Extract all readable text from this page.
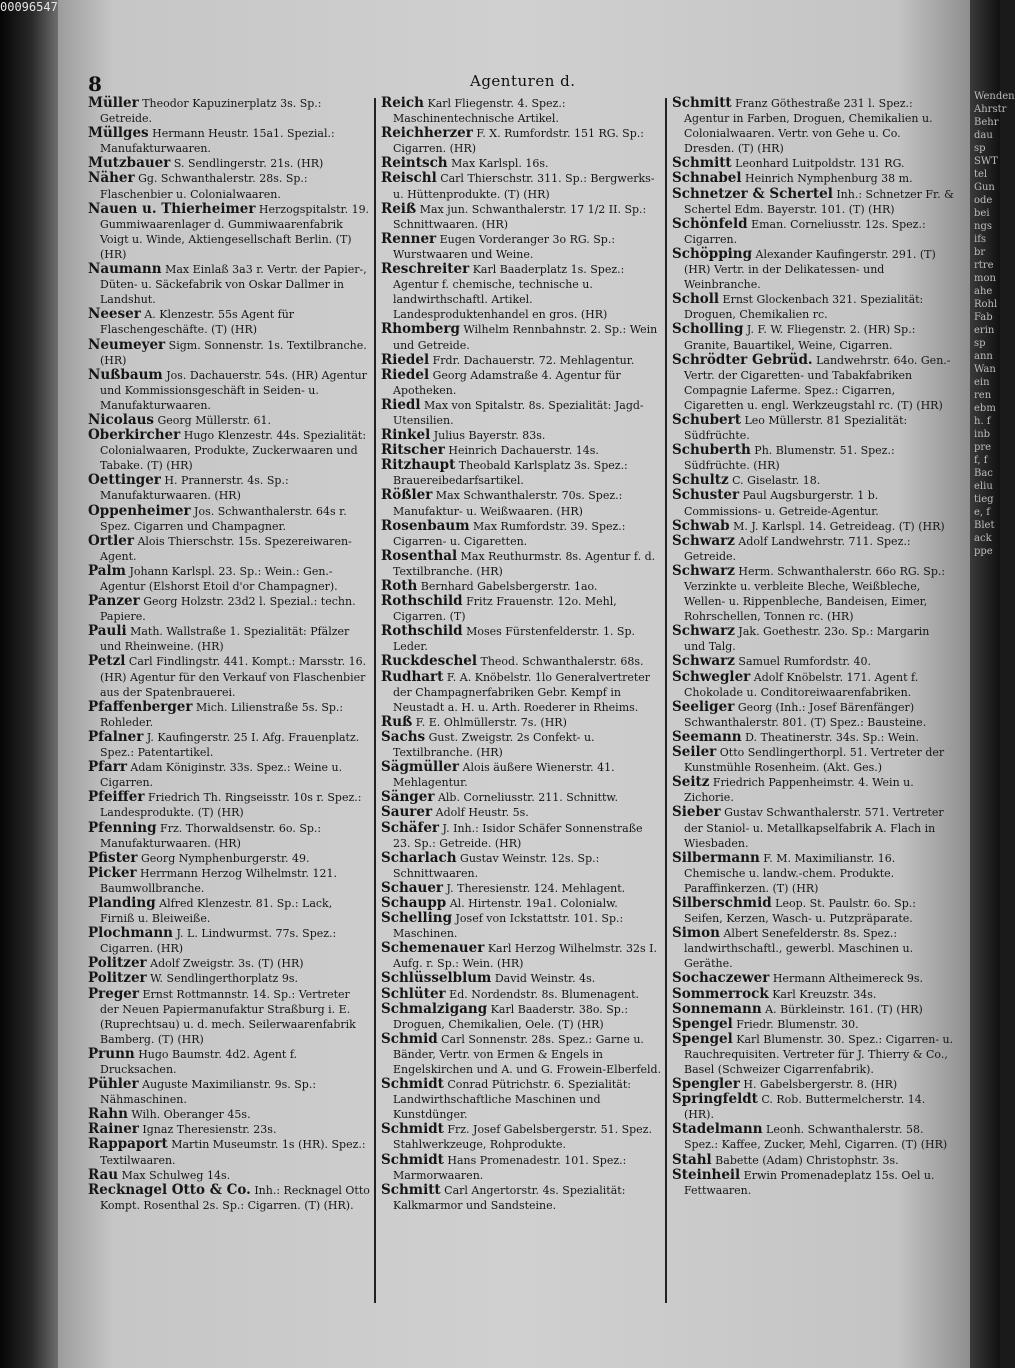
Wenden
Ahrstr
Behr
dau
sp
SWT
tel
Gun
ode
bei
ngs
ifs
br
rtre
mon
ahe
Rohl
Fab
erin
sp
ann
Wan
ein
ren
ebm
h. f
inb
pre
f, f
Bac
eliu
tieg
e, f
Blet
ack
ppe
00096547
8	Agenturen d.
Müller Theodor Kapuzinerplatz 3s. Sp.: Getreide.
Müllges Hermann Heustr. 15a1. Spezial.: Manufakturwaaren.
Mutzbauer S. Sendlingerstr. 21s. (HR)
Näher Gg. Schwanthalerstr. 28s. Sp.: Flaschenbier u. Colonialwaaren.
Nauen u. Thierheimer Herzogspitalstr. 19. Gummiwaarenlager d. Gummiwaarenfabrik Voigt u. Winde, Aktiengesellschaft Berlin. (T) (HR)
Naumann Max Einlaß 3a3 r. Vertr. der Papier-, Düten- u. Säckefabrik von Oskar Dallmer in Landshut.
Neeser A. Klenzestr. 55s Agent für Flaschengeschäfte. (T) (HR)
Neumeyer Sigm. Sonnenstr. 1s. Textilbranche. (HR)
Nußbaum Jos. Dachauerstr. 54s. (HR) Agentur und Kommissionsgeschäft in Seiden- u. Manufakturwaaren.
Nicolaus Georg Müllerstr. 61.
Oberkircher Hugo Klenzestr. 44s. Spezialität: Colonialwaaren, Produkte, Zuckerwaaren und Tabake. (T) (HR)
Oettinger H. Prannerstr. 4s. Sp.: Manufakturwaaren. (HR)
Oppenheimer Jos. Schwanthalerstr. 64s r. Spez. Cigarren und Champagner.
Ortler Alois Thierschstr. 15s. Spezereiwaren-Agent.
Palm Johann Karlspl. 23. Sp.: Wein.: Gen.-Agentur (Elshorst Etoil d'or Champagner).
Panzer Georg Holzstr. 23d2 l. Spezial.: techn. Papiere.
Pauli Math. Wallstraße 1. Spezialität: Pfälzer und Rheinweine. (HR)
Petzl Carl Findlingstr. 441. Kompt.: Marsstr. 16. (HR) Agentur für den Verkauf von Flaschenbier aus der Spatenbrauerei.
Pfaffenberger Mich. Lilienstraße 5s. Sp.: Rohleder.
Pfalner J. Kaufingerstr. 25 I. Afg. Frauenplatz. Spez.: Patentartikel.
Pfarr Adam Königinstr. 33s. Spez.: Weine u. Cigarren.
Pfeiffer Friedrich Th. Ringseisstr. 10s r. Spez.: Landesprodukte. (T) (HR)
Pfenning Frz. Thorwaldsenstr. 6o. Sp.: Manufakturwaaren. (HR)
Pfister Georg Nymphenburgerstr. 49.
Picker Herrmann Herzog Wilhelmstr. 121. Baumwollbranche.
Planding Alfred Klenzestr. 81. Sp.: Lack, Firniß u. Bleiweiße.
Plochmann J. L. Lindwurmst. 77s. Spez.: Cigarren. (HR)
Politzer Adolf Zweigstr. 3s. (T) (HR)
Politzer W. Sendlingerthorplatz 9s.
Preger Ernst Rottmannstr. 14. Sp.: Vertreter der Neuen Papiermanufaktur Straßburg i. E. (Ruprechtsau) u. d. mech. Seilerwaarenfabrik Bamberg. (T) (HR)
Prunn Hugo Baumstr. 4d2. Agent f. Drucksachen.
Pühler Auguste Maximilianstr. 9s. Sp.: Nähmaschinen.
Rahn Wilh. Oberanger 45s.
Rainer Ignaz Theresienstr. 23s.
Rappaport Martin Museumstr. 1s (HR). Spez.: Textilwaaren.
Rau Max Schulweg 14s.
Recknagel Otto & Co. Inh.: Recknagel Otto Kompt. Rosenthal 2s. Sp.: Cigarren. (T) (HR).
Reich Karl Fliegenstr. 4. Spez.: Maschinentechnische Artikel.
Reichherzer F. X. Rumfordstr. 151 RG. Sp.: Cigarren. (HR)
Reintsch Max Karlspl. 16s.
Reischl Carl Thierschstr. 311. Sp.: Bergwerks- u. Hüttenprodukte. (T) (HR)
Reiß Max jun. Schwanthalerstr. 17 1/2 II. Sp.: Schnittwaaren. (HR)
Renner Eugen Vorderanger 3o RG. Sp.: Wurstwaaren und Weine.
Reschreiter Karl Baaderplatz 1s. Spez.: Agentur f. chemische, technische u. landwirthschaftl. Artikel. Landesproduktenhandel en gros. (HR)
Rhomberg Wilhelm Rennbahnstr. 2. Sp.: Wein und Getreide.
Riedel Frdr. Dachauerstr. 72. Mehlagentur.
Riedel Georg Adamstraße 4. Agentur für Apotheken.
Riedl Max von Spitalstr. 8s. Spezialität: Jagd-Utensilien.
Rinkel Julius Bayerstr. 83s.
Ritscher Heinrich Dachauerstr. 14s.
Ritzhaupt Theobald Karlsplatz 3s. Spez.: Brauereibedarfsartikel.
Rößler Max Schwanthalerstr. 70s. Spez.: Manufaktur- u. Weißwaaren. (HR)
Rosenbaum Max Rumfordstr. 39. Spez.: Cigarren- u. Cigaretten.
Rosenthal Max Reuthurmstr. 8s. Agentur f. d. Textilbranche. (HR)
Roth Bernhard Gabelsbergerstr. 1ao.
Rothschild Fritz Frauenstr. 12o. Mehl, Cigarren. (T)
Rothschild Moses Fürstenfelderstr. 1. Sp. Leder.
Ruckdeschel Theod. Schwanthalerstr. 68s.
Rudhart F. A. Knöbelstr. 1lo Generalvertreter der Champagnerfabriken Gebr. Kempf in Neustadt a. H. u. Arth. Roederer in Rheims.
Ruß F. E. Ohlmüllerstr. 7s. (HR)
Sachs Gust. Zweigstr. 2s Confekt- u. Textilbranche. (HR)
Sägmüller Alois äußere Wienerstr. 41. Mehlagentur.
Sänger Alb. Corneliusstr. 211. Schnittw.
Saurer Adolf Heustr. 5s.
Schäfer J. Inh.: Isidor Schäfer Sonnenstraße 23. Sp.: Getreide. (HR)
Scharlach Gustav Weinstr. 12s. Sp.: Schnittwaaren.
Schauer J. Theresienstr. 124. Mehlagent.
Schaupp Al. Hirtenstr. 19a1. Colonialw.
Schelling Josef von Ickstattstr. 101. Sp.: Maschinen.
Schemenauer Karl Herzog Wilhelmstr. 32s I. Aufg. r. Sp.: Wein. (HR)
Schlüsselblum David Weinstr. 4s.
Schlüter Ed. Nordendstr. 8s. Blumenagent.
Schmalzigang Karl Baaderstr. 38o. Sp.: Droguen, Chemikalien, Oele. (T) (HR)
Schmid Carl Sonnenstr. 28s. Spez.: Garne u. Bänder, Vertr. von Ermen & Engels in Engelskirchen und A. und G. Frowein-Elberfeld.
Schmidt Conrad Pütrichstr. 6. Spezialität: Landwirthschaftliche Maschinen und Kunstdünger.
Schmidt Frz. Josef Gabelsbergerstr. 51. Spez. Stahlwerkzeuge, Rohprodukte.
Schmidt Hans Promenadestr. 101. Spez.: Marmorwaaren.
Schmitt Carl Angertorstr. 4s. Spezialität: Kalkmarmor und Sandsteine.
Schmitt Franz Göthestraße 231 l. Spez.: Agentur in Farben, Droguen, Chemikalien u. Colonialwaaren. Vertr. von Gehe u. Co. Dresden. (T) (HR)
Schmitt Leonhard Luitpoldstr. 131 RG.
Schnabel Heinrich Nymphenburg 38 m.
Schnetzer & Schertel Inh.: Schnetzer Fr. & Schertel Edm. Bayerstr. 101. (T) (HR)
Schönfeld Eman. Corneliusstr. 12s. Spez.: Cigarren.
Schöpping Alexander Kaufingerstr. 291. (T) (HR) Vertr. in der Delikatessen- und Weinbranche.
Scholl Ernst Glockenbach 321. Spezialität: Droguen, Chemikalien rc.
Scholling J. F. W. Fliegenstr. 2. (HR) Sp.: Granite, Bauartikel, Weine, Cigarren.
Schrödter Gebrüd. Landwehrstr. 64o. Gen.-Vertr. der Cigaretten- und Tabakfabriken Compagnie Laferme. Spez.: Cigarren, Cigaretten u. engl. Werkzeugstahl rc. (T) (HR)
Schubert Leo Müllerstr. 81 Spezialität: Südfrüchte.
Schuberth Ph. Blumenstr. 51. Spez.: Südfrüchte. (HR)
Schultz C. Giselastr. 18.
Schuster Paul Augsburgerstr. 1 b. Commissions- u. Getreide-Agentur.
Schwab M. J. Karlspl. 14. Getreideag. (T) (HR)
Schwarz Adolf Landwehrstr. 711. Spez.: Getreide.
Schwarz Herm. Schwanthalerstr. 66o RG. Sp.: Verzinkte u. verbleite Bleche, Weißbleche, Wellen- u. Rippenbleche, Bandeisen, Eimer, Rohrschellen, Tonnen rc. (HR)
Schwarz Jak. Goethestr. 23o. Sp.: Margarin und Talg.
Schwarz Samuel Rumfordstr. 40.
Schwegler Adolf Knöbelstr. 171. Agent f. Chokolade u. Conditoreiwaarenfabriken.
Seeliger Georg (Inh.: Josef Bärenfänger) Schwanthalerstr. 801. (T) Spez.: Bausteine.
Seemann D. Theatinerstr. 34s. Sp.: Wein.
Seiler Otto Sendlingerthorpl. 51. Vertreter der Kunstmühle Rosenheim. (Akt. Ges.)
Seitz Friedrich Pappenheimstr. 4. Wein u. Zichorie.
Sieber Gustav Schwanthalerstr. 571. Vertreter der Staniol- u. Metallkapselfabrik A. Flach in Wiesbaden.
Silbermann F. M. Maximilianstr. 16. Chemische u. landw.-chem. Produkte. Paraffinkerzen. (T) (HR)
Silberschmid Leop. St. Paulstr. 6o. Sp.: Seifen, Kerzen, Wasch- u. Putzpräparate.
Simon Albert Senefelderstr. 8s. Spez.: landwirthschaftl., gewerbl. Maschinen u. Geräthe.
Sochaczewer Hermann Altheimereck 9s.
Sommerrock Karl Kreuzstr. 34s.
Sonnemann A. Bürkleinstr. 161. (T) (HR)
Spengel Friedr. Blumenstr. 30.
Spengel Karl Blumenstr. 30. Spez.: Cigarren- u. Rauchrequisiten. Vertreter für J. Thierry & Co., Basel (Schweizer Cigarrenfabrik).
Spengler H. Gabelsbergerstr. 8. (HR)
Springfeldt C. Rob. Buttermelcherstr. 14. (HR).
Stadelmann Leonh. Schwanthalerstr. 58. Spez.: Kaffee, Zucker, Mehl, Cigarren. (T) (HR)
Stahl Babette (Adam) Christophstr. 3s.
Steinheil Erwin Promenadeplatz 15s. Oel u. Fettwaaren.
